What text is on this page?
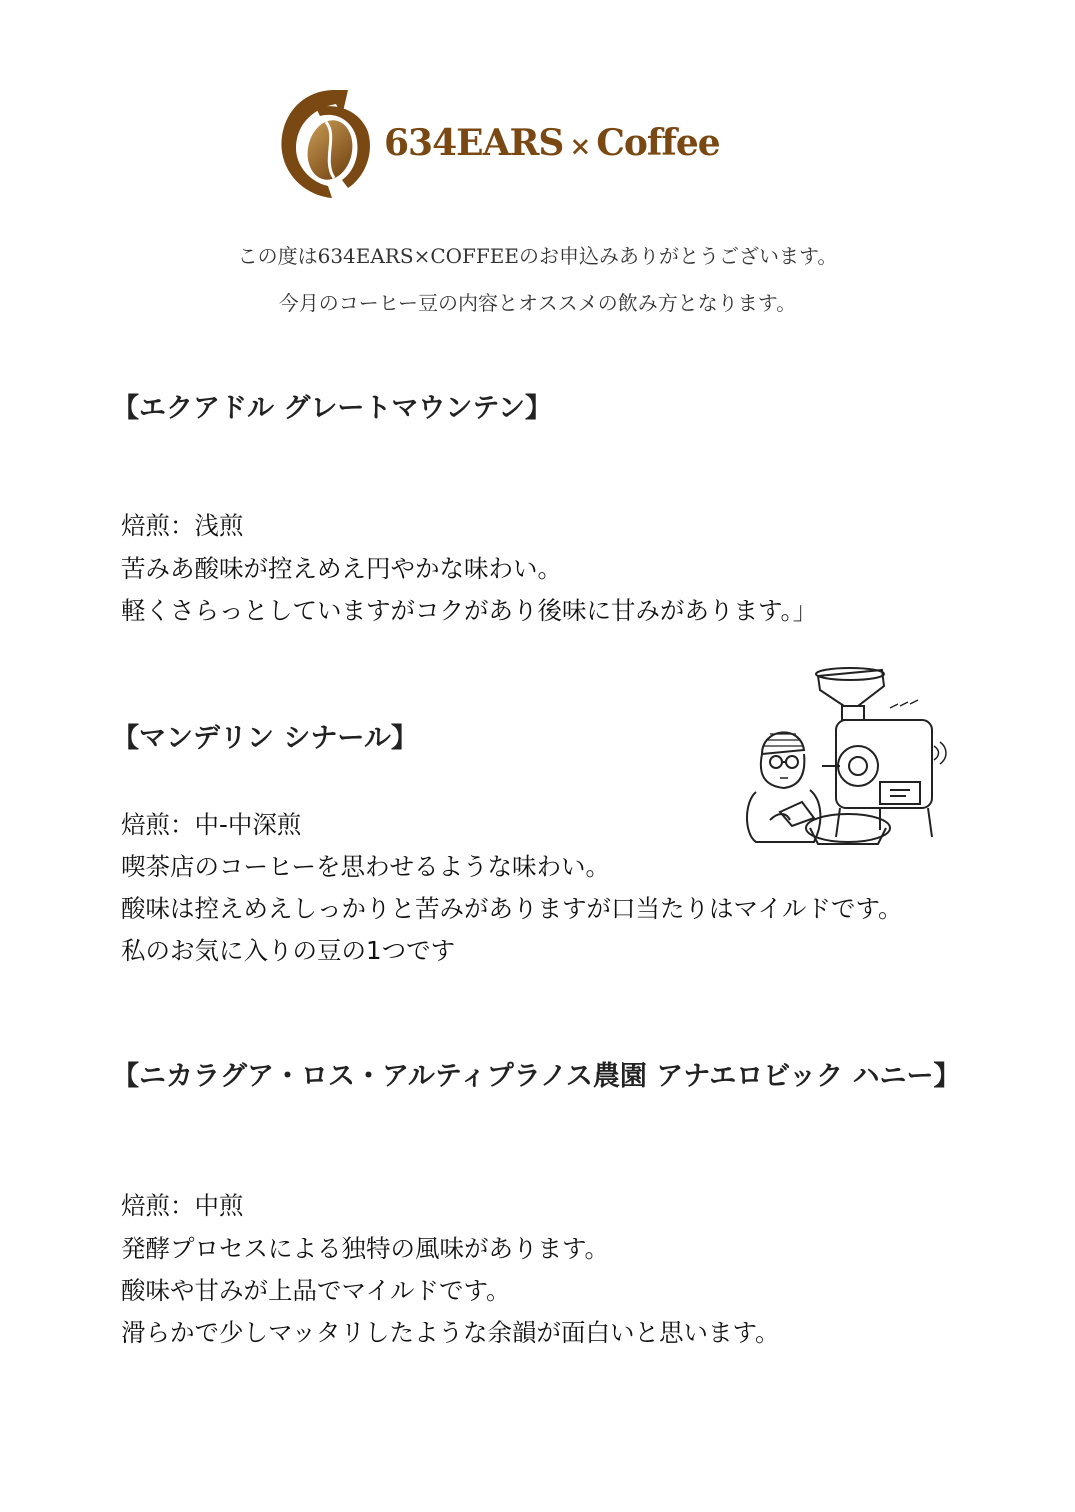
634EARS × Coffee
この度は634EARS×COFFEEのお申込みありがとうございます。
今月のコーヒー豆の内容とオススメの飲み方となります。
【エクアドル グレートマウンテン】
焙煎：浅煎
苦みあ酸味が控えめえ円やかな味わい。
軽くさらっとしていますがコクがあり後味に甘みがあります。」
【マンデリン シナール】
焙煎：中-中深煎
喫茶店のコーヒーを思わせるような味わい。
酸味は控えめえしっかりと苦みがありますが口当たりはマイルドです。
私のお気に入りの豆の1つです
【ニカラグア・ロス・アルティプラノス農園 アナエロビック ハニー】
焙煎：中煎
発酵プロセスによる独特の風味があります。
酸味や甘みが上品でマイルドです。
滑らかで少しマッタリしたような余韻が面白いと思います。
